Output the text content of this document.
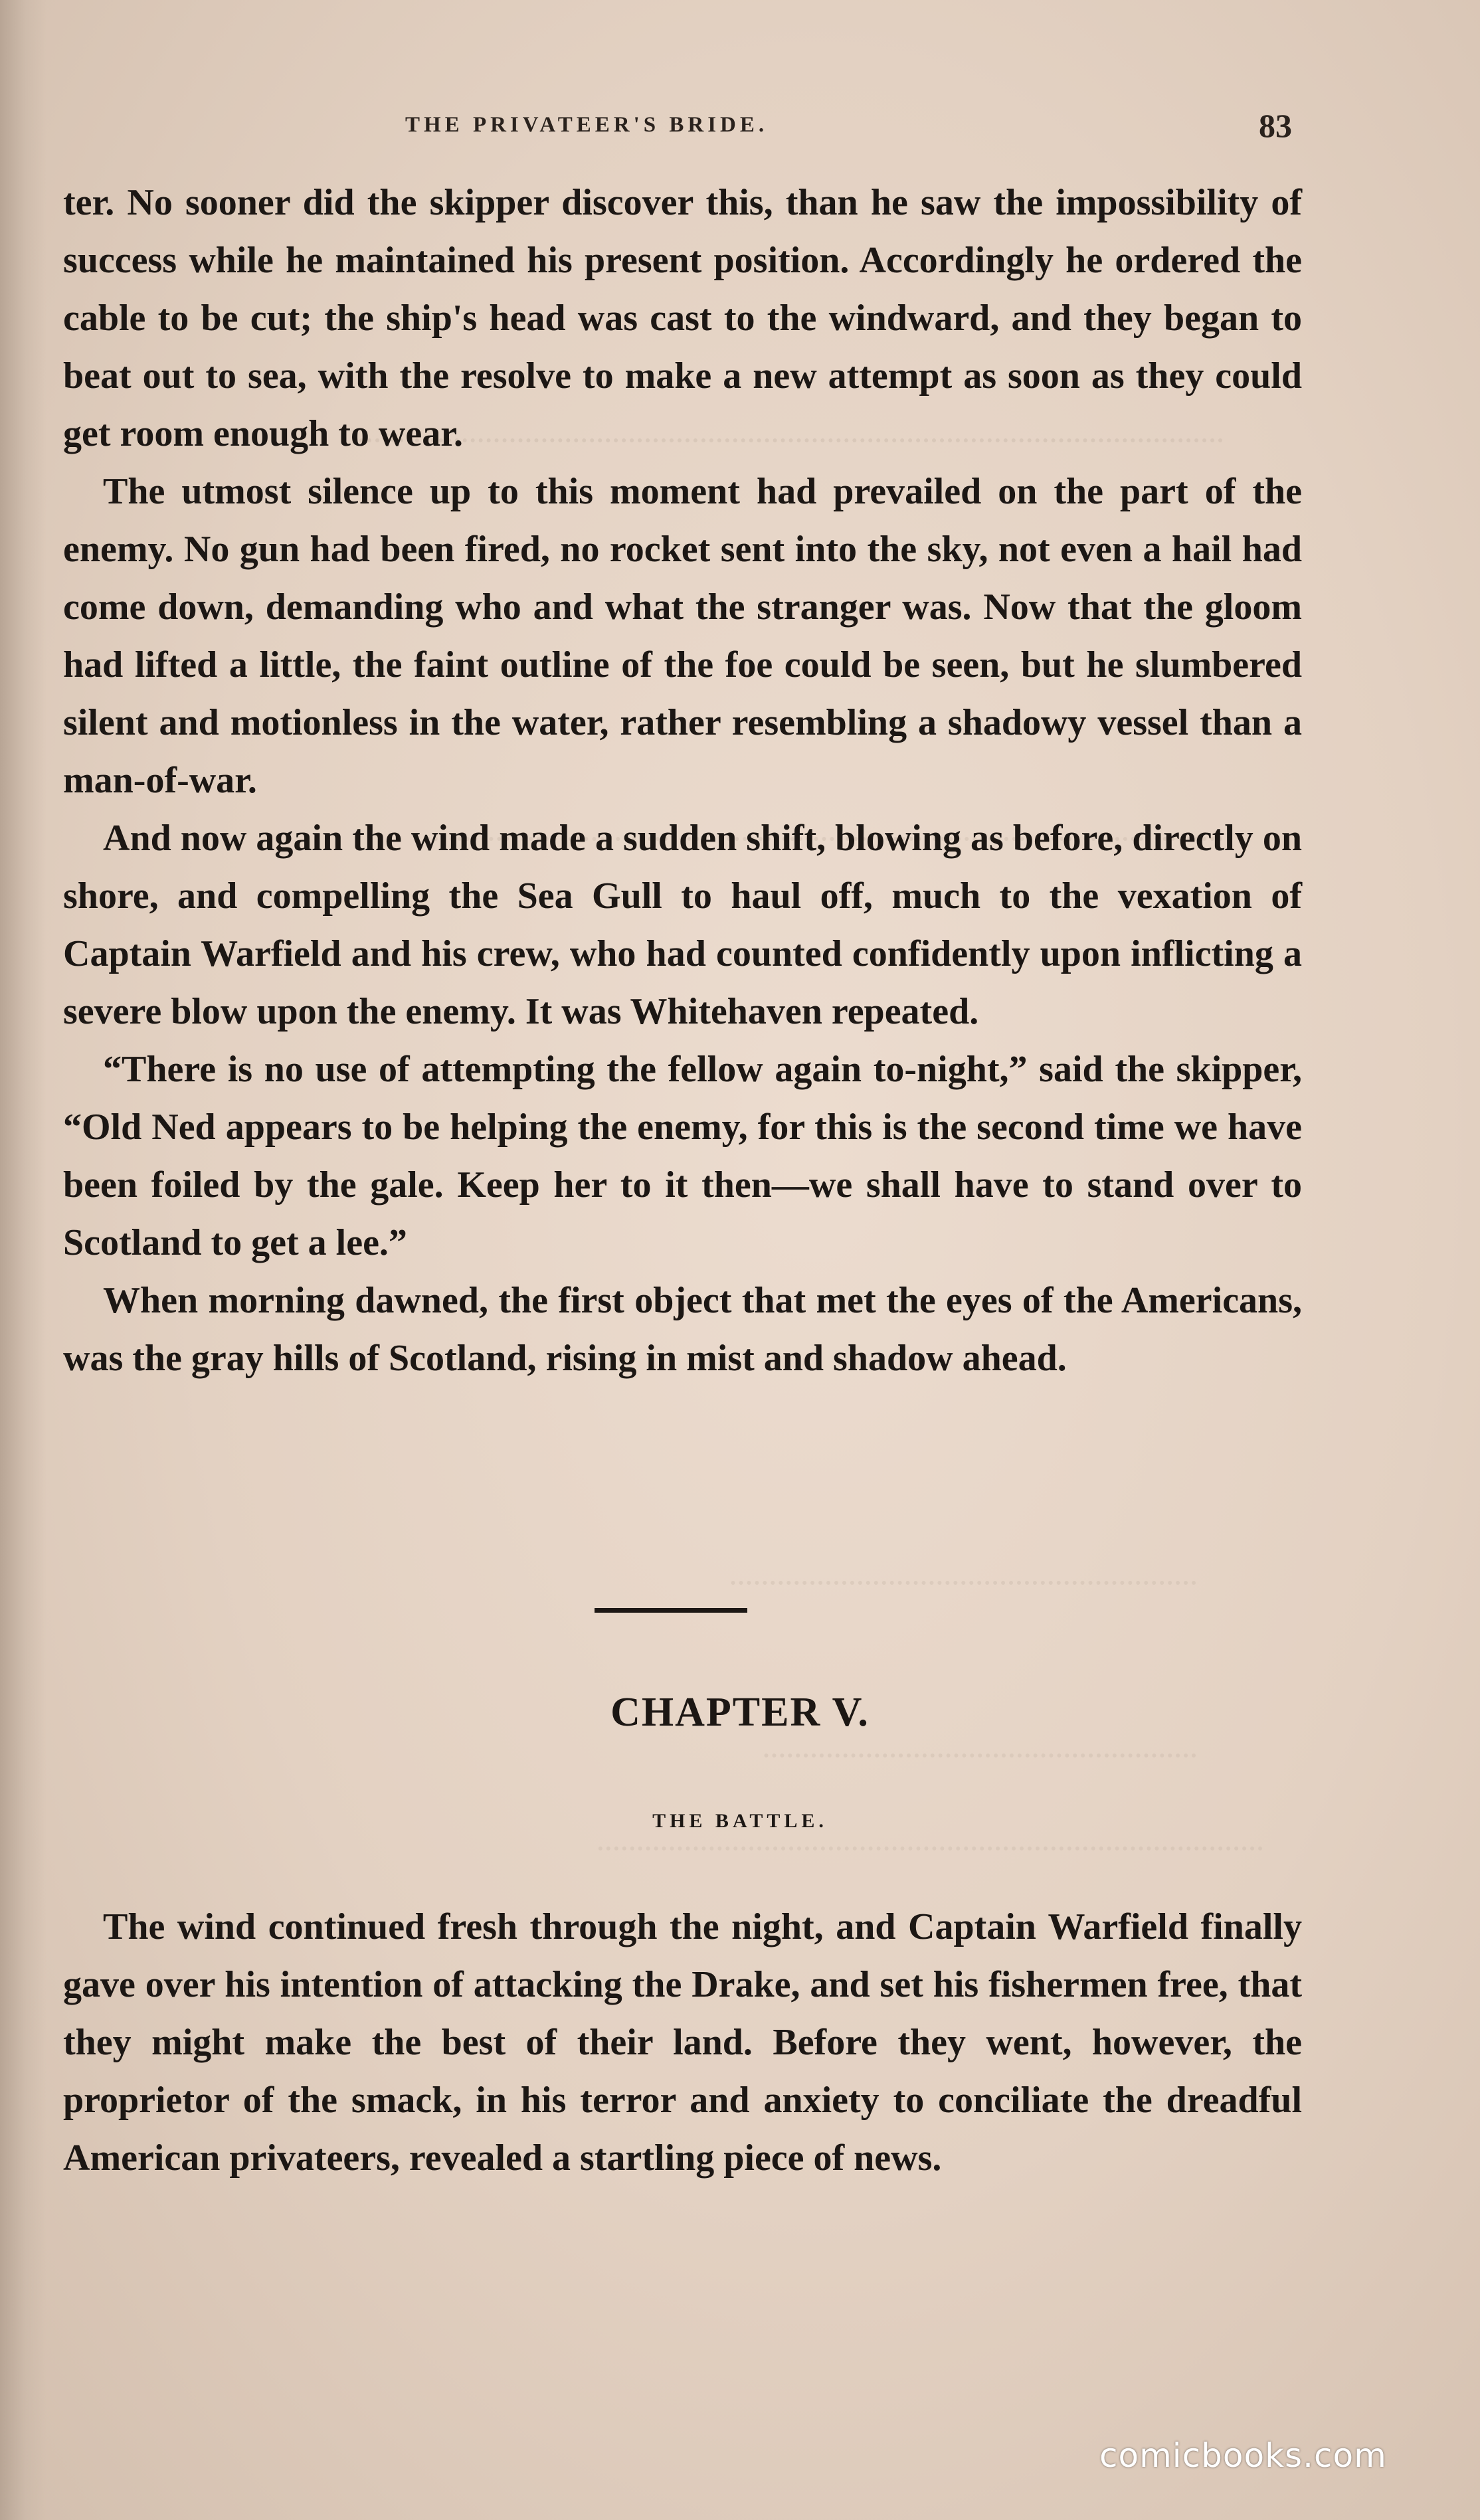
THE PRIVATEER'S BRIDE.	83

ter. No sooner did the skipper discover this, than he saw the impossibility of success while he maintained his present position. Accordingly he ordered the cable to be cut; the ship's head was cast to the windward, and they began to beat out to sea, with the resolve to make a new attempt as soon as they could get room enough to wear.

The utmost silence up to this moment had prevailed on the part of the enemy. No gun had been fired, no rocket sent into the sky, not even a hail had come down, demanding who and what the stranger was. Now that the gloom had lifted a little, the faint outline of the foe could be seen, but he slumbered silent and motionless in the water, rather resembling a shadowy vessel than a man-of-war.

And now again the wind made a sudden shift, blowing as before, directly on shore, and compelling the Sea Gull to haul off, much to the vexation of Captain Warfield and his crew, who had counted confidently upon inflicting a severe blow upon the enemy. It was Whitehaven repeated.

“There is no use of attempting the fellow again to-night,” said the skipper, “Old Ned appears to be helping the enemy, for this is the second time we have been foiled by the gale. Keep her to it then—we shall have to stand over to Scotland to get a lee.”

When morning dawned, the first object that met the eyes of the Americans, was the gray hills of Scotland, rising in mist and shadow ahead.

CHAPTER V.
THE BATTLE.

The wind continued fresh through the night, and Captain Warfield finally gave over his intention of attacking the Drake, and set his fishermen free, that they might make the best of their land. Before they went, however, the proprietor of the smack, in his terror and anxiety to conciliate the dreadful American privateers, revealed a startling piece of news.

comicbooks.com
